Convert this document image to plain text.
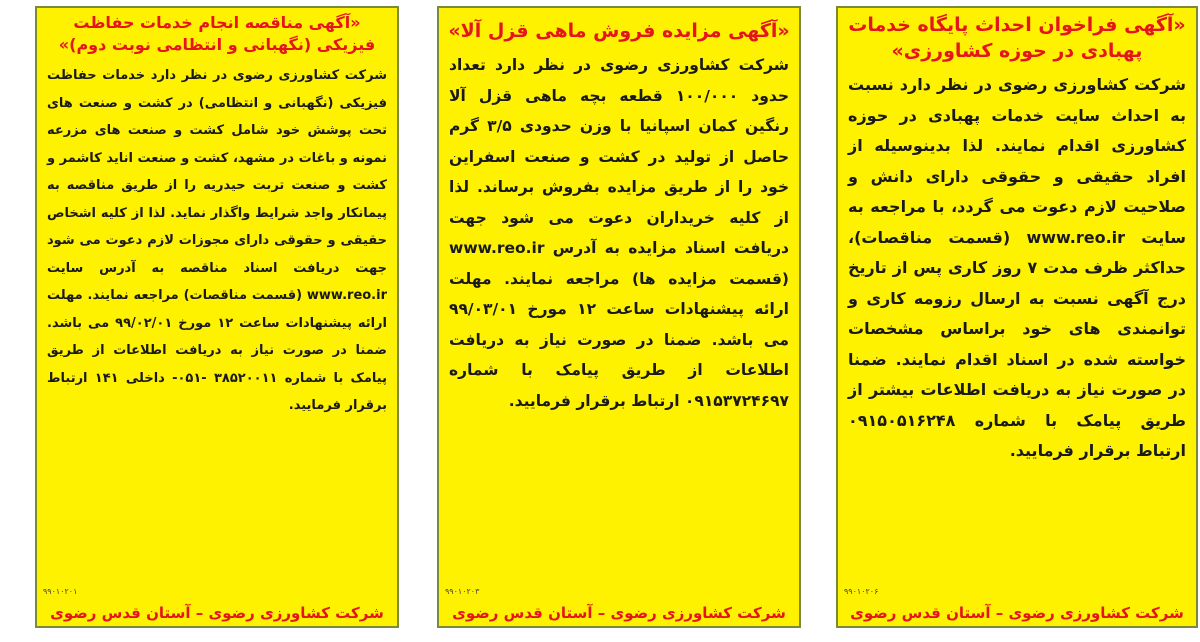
«آگهی مناقصه انجام خدمات حفاظت فیزیکی (نگهبانی و انتظامی نوبت دوم)»
شرکت کشاورزی رضوی در نظر دارد خدمات حفاظت فیزیکی (نگهبانی و انتظامی) در کشت و صنعت های تحت پوشش خود شامل کشت و صنعت های مزرعه نمونه و باغات در مشهد، کشت و صنعت اناید کاشمر و کشت و صنعت تربت حیدریه را از طریق مناقصه به پیمانکار واجد شرایط واگذار نماید. لذا از کلیه اشخاص حقیقی و حقوقی دارای مجوزات لازم دعوت می شود جهت دریافت اسناد مناقصه به آدرس سایت www.reo.ir (قسمت مناقصات) مراجعه نمایند. مهلت ارائه پیشنهادات ساعت ۱۲ مورخ ۹۹/۰۲/۰۱ می باشد. ضمنا در صورت نیاز به دریافت اطلاعات از طریق پیامک با شماره ۳۸۵۲۰۰۱۱ -۰۵۱- داخلی ۱۴۱ ارتباط برقرار فرمایید.
۹۹۰۱۰۲۰۱
شرکت کشاورزی رضوی – آستان قدس رضوی
«آگهی مزایده فروش ماهی قزل آلا»
شرکت کشاورزی رضوی در نظر دارد تعداد حدود ۱۰۰/۰۰۰ قطعه بچه ماهی قزل آلا رنگین کمان اسپانیا با وزن حدودی ۳/۵ گرم حاصل از تولید در کشت و صنعت اسفراین خود را از طریق مزایده بفروش برساند. لذا از کلیه خریداران دعوت می شود جهت دریافت اسناد مزایده به آدرس www.reo.ir (قسمت مزایده ها) مراجعه نمایند. مهلت ارائه پیشنهادات ساعت ۱۲ مورخ ۹۹/۰۳/۰۱ می باشد. ضمنا در صورت نیاز به دریافت اطلاعات از طریق پیامک با شماره ۰۹۱۵۳۷۲۴۶۹۷ ارتباط برقرار فرمایید.
۹۹۰۱۰۲۰۳
شرکت کشاورزی رضوی – آستان قدس رضوی
«آگهی فراخوان احداث پایگاه خدمات پهبادی در حوزه کشاورزی»
شرکت کشاورزی رضوی در نظر دارد نسبت به احداث سایت خدمات پهبادی در حوزه کشاورزی اقدام نمایند. لذا بدینوسیله از افراد حقیقی و حقوقی دارای دانش و صلاحیت لازم دعوت می گردد، با مراجعه به سایت www.reo.ir (قسمت مناقصات)، حداکثر ظرف مدت ۷ روز کاری پس از تاریخ درج آگهی نسبت به ارسال رزومه کاری و توانمندی های خود براساس مشخصات خواسته شده در اسناد اقدام نمایند. ضمنا در صورت نیاز به دریافت اطلاعات بیشتر از طریق پیامک با شماره ۰۹۱۵۰۵۱۶۲۴۸ ارتباط برقرار فرمایید.
۹۹۰۱۰۲۰۶
شرکت کشاورزی رضوی – آستان قدس رضوی
